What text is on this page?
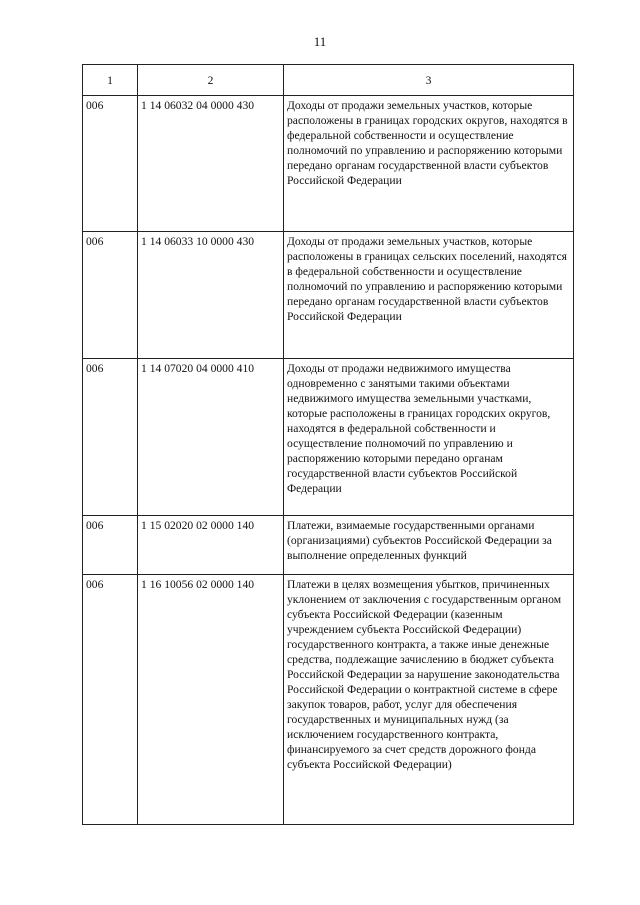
11
1	2	3
006	1 14 06032 04 0000 430	Доходы от продажи земельных участков, которые расположены в границах городских округов, находятся в федеральной собственности и осуществление полномочий по управлению и распоряжению которыми передано органам государственной власти субъектов Российской Федерации
006	1 14 06033 10 0000 430	Доходы от продажи земельных участков, которые расположены в границах сельских поселений, находятся в федеральной собственности и осуществление полномочий по управлению и распоряжению которыми передано органам государственной власти субъектов Российской Федерации
006	1 14 07020 04 0000 410	Доходы от продажи недвижимого имущества одновременно с занятыми такими объектами недвижимого имущества земельными участками, которые расположены в границах городских округов, находятся в федеральной собственности и осуществление полномочий по управлению и распоряжению которыми передано органам государственной власти субъектов Российской Федерации
006	1 15 02020 02 0000 140	Платежи, взимаемые государственными органами (организациями) субъектов Российской Федерации за выполнение определенных функций
006	1 16 10056 02 0000 140	Платежи в целях возмещения убытков, причиненных уклонением от заключения с государственным органом субъекта Российской Федерации (казенным учреждением субъекта Российской Федерации) государственного контракта, а также иные денежные средства, подлежащие зачислению в бюджет субъекта Российской Федерации за нарушение законодательства Российской Федерации о контрактной системе в сфере закупок товаров, работ, услуг для обеспечения государственных и муниципальных нужд (за исключением государственного контракта, финансируемого за счет средств дорожного фонда субъекта Российской Федерации)
